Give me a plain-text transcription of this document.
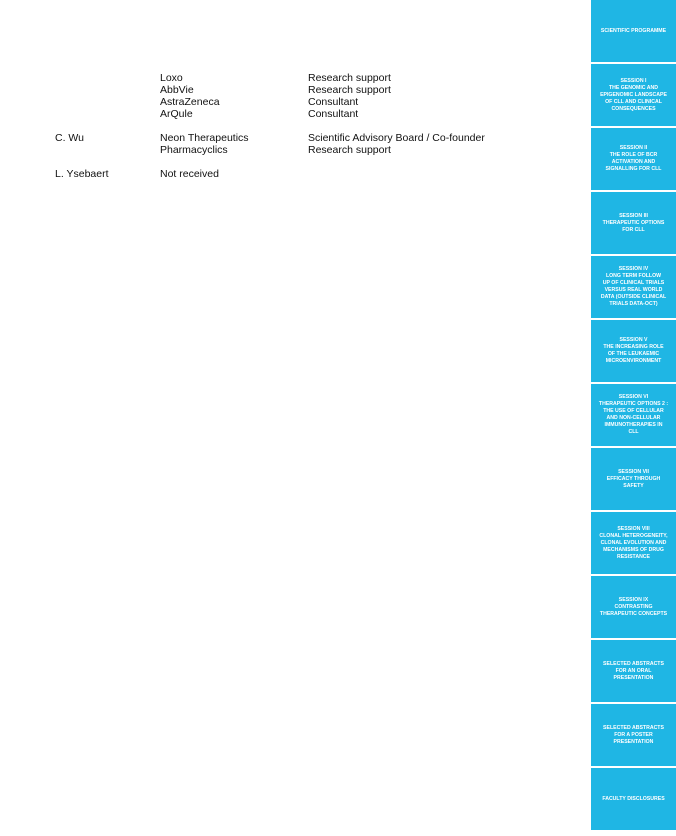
Loxo
AbbVie
AstraZeneca
ArQule
Research support
Research support
Consultant
Consultant
C. Wu	Neon Therapeutics
Pharmacyclics
Scientific Advisory Board / Co-founder
Research support
L. Ysebaert	Not received
SCIENTIFIC PROGRAMME
SESSION I
THE GENOMIC AND
EPIGENOMIC LANDSCAPE
OF CLL AND CLINICAL
CONSEQUENCES
SESSION II
THE ROLE OF BCR
ACTIVATION AND
SIGNALLING FOR CLL
SESSION III
THERAPEUTIC OPTIONS
FOR CLL
SESSION IV
LONG TERM FOLLOW
UP OF CLINICAL TRIALS
VERSUS REAL WORLD
DATA (OUTSIDE CLINICAL
TRIALS DATA-OCT)
SESSION V
THE INCREASING ROLE
OF THE LEUKAEMIC
MICROENVIRONMENT
SESSION VI
THERAPEUTIC OPTIONS 2 :
THE USE OF CELLULAR
AND NON-CELLULAR
IMMUNOTHERAPIES IN
CLL
SESSION VII
EFFICACY THROUGH
SAFETY
SESSION VIII
CLONAL HETEROGENEITY,
CLONAL EVOLUTION AND
MECHANISMS OF DRUG
RESISTANCE
SESSION IX
CONTRASTING
THERAPEUTIC CONCEPTS
SELECTED ABSTRACTS
FOR AN ORAL
PRESENTATION
SELECTED ABSTRACTS
FOR A POSTER
PRESENTATION
FACULTY DISCLOSURES
